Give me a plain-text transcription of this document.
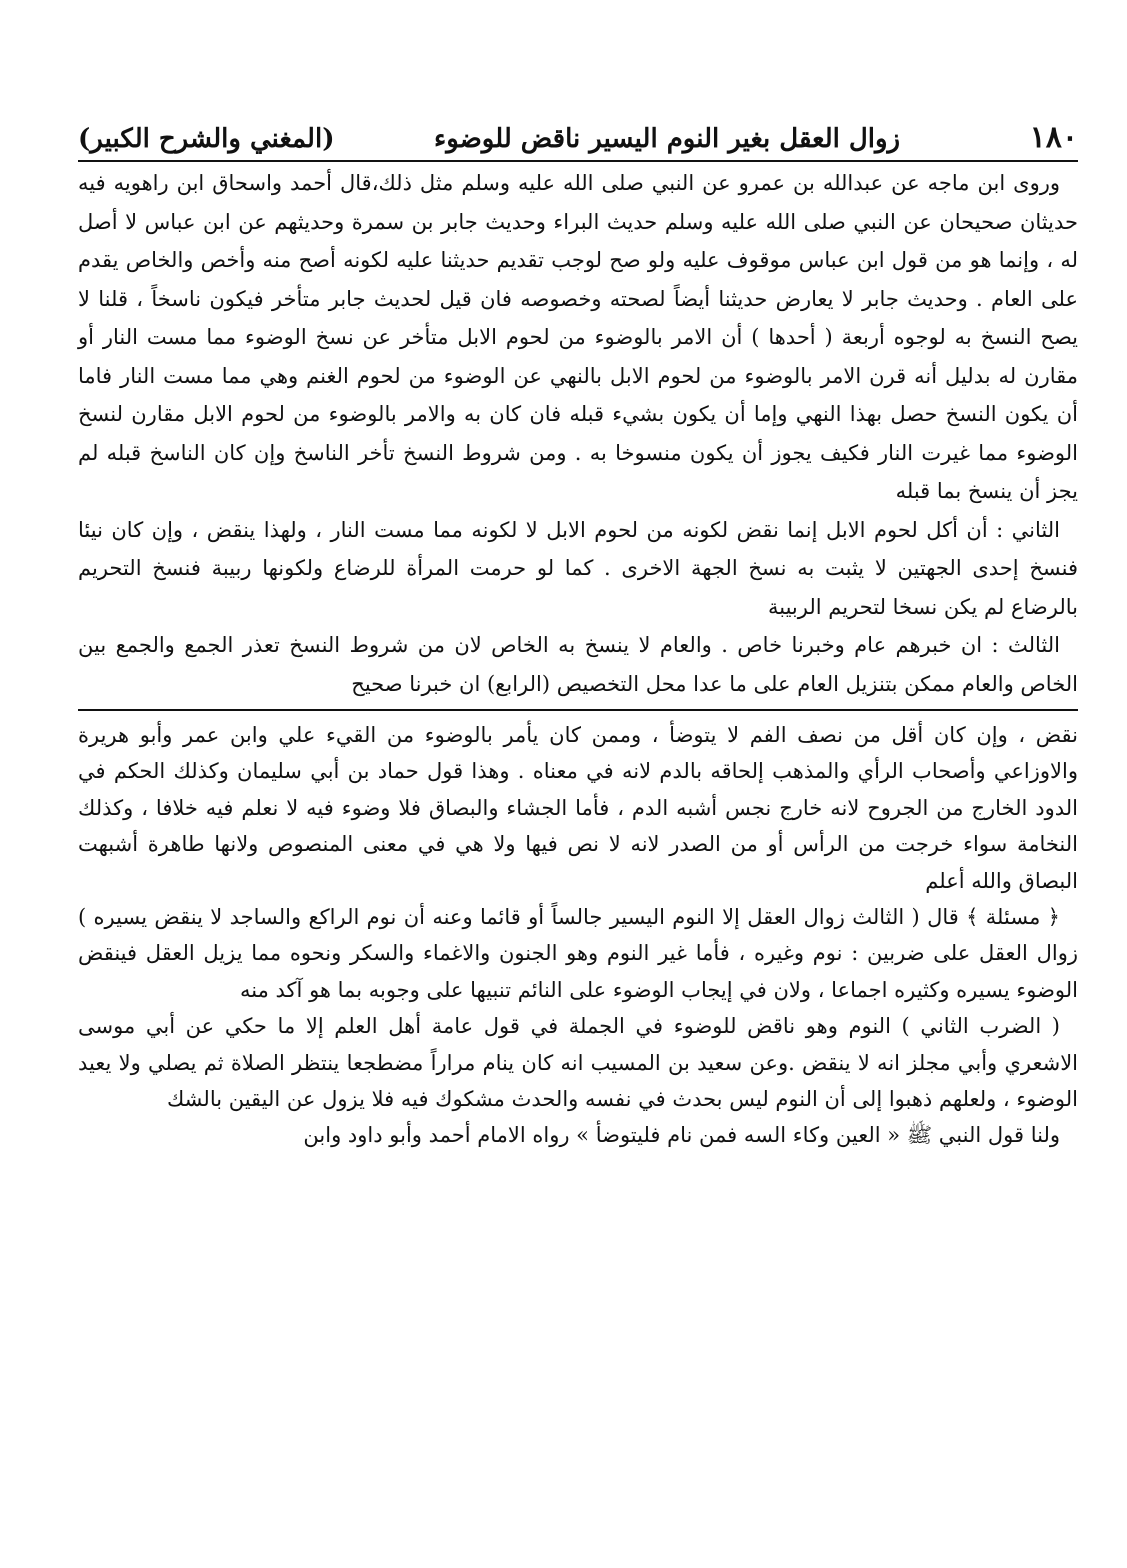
١٨٠
زوال العقل بغير النوم اليسير ناقض للوضوء
(المغني والشرح الكبير)

وروى ابن ماجه عن عبدالله بن عمرو عن النبي صلى الله عليه وسلم مثل ذلك،قال أحمد واسحاق ابن راهويه فيه حديثان صحيحان عن النبي صلى الله عليه وسلم حديث البراء وحديث جابر بن سمرة وحديثهم عن ابن عباس لا أصل له ، وإنما هو من قول ابن عباس موقوف عليه ولو صح لوجب تقديم حديثنا عليه لكونه أصح منه وأخص والخاص يقدم على العام . وحديث جابر لا يعارض حديثنا أيضاً لصحته وخصوصه فان قيل لحديث جابر متأخر فيكون ناسخاً ، قلنا لا يصح النسخ به لوجوه أربعة ( أحدها ) أن الامر بالوضوء من لحوم الابل متأخر عن نسخ الوضوء مما مست النار أو مقارن له بدليل أنه قرن الامر بالوضوء من لحوم الابل بالنهي عن الوضوء من لحوم الغنم وهي مما مست النار فاما أن يكون النسخ حصل بهذا النهي وإما أن يكون بشيء قبله فان كان به والامر بالوضوء من لحوم الابل مقارن لنسخ الوضوء مما غيرت النار فكيف يجوز أن يكون منسوخا به . ومن شروط النسخ تأخر الناسخ وإن كان الناسخ قبله لم يجز أن ينسخ بما قبله

الثاني : أن أكل لحوم الابل إنما نقض لكونه من لحوم الابل لا لكونه مما مست النار ، ولهذا ينقض ، وإن كان نيئا فنسخ إحدى الجهتين لا يثبت به نسخ الجهة الاخرى . كما لو حرمت المرأة للرضاع ولكونها ربيبة فنسخ التحريم بالرضاع لم يكن نسخا لتحريم الربيبة

الثالث : ان خبرهم عام وخبرنا خاص . والعام لا ينسخ به الخاص لان من شروط النسخ تعذر الجمع والجمع بين الخاص والعام ممكن بتنزيل العام على ما عدا محل التخصيص (الرابع) ان خبرنا صحيح

نقض ، وإن كان أقل من نصف الفم لا يتوضأ ، وممن كان يأمر بالوضوء من القيء علي وابن عمر وأبو هريرة والاوزاعي وأصحاب الرأي والمذهب إلحاقه بالدم لانه في معناه . وهذا قول حماد بن أبي سليمان وكذلك الحكم في الدود الخارج من الجروح لانه خارج نجس أشبه الدم ، فأما الجشاء والبصاق فلا وضوء فيه لا نعلم فيه خلافا ، وكذلك النخامة سواء خرجت من الرأس أو من الصدر لانه لا نص فيها ولا هي في معنى المنصوص ولانها طاهرة أشبهت البصاق والله أعلم

﴿ مسئلة ﴾ قال ( الثالث زوال العقل إلا النوم اليسير جالساً أو قائما وعنه أن نوم الراكع والساجد لا ينقض يسيره ) زوال العقل على ضربين : نوم وغيره ، فأما غير النوم وهو الجنون والاغماء والسكر ونحوه مما يزيل العقل فينقض الوضوء يسيره وكثيره اجماعا ، ولان في إيجاب الوضوء على النائم تنبيها على وجوبه بما هو آكد منه

( الضرب الثاني ) النوم وهو ناقض للوضوء في الجملة في قول عامة أهل العلم إلا ما حكي عن أبي موسى الاشعري وأبي مجلز انه لا ينقض .وعن سعيد بن المسيب انه كان ينام مراراً مضطجعا ينتظر الصلاة ثم يصلي ولا يعيد الوضوء ، ولعلهم ذهبوا إلى أن النوم ليس بحدث في نفسه والحدث مشكوك فيه فلا يزول عن اليقين بالشك

ولنا قول النبي ﷺ « العين وكاء السه فمن نام فليتوضأ » رواه الامام أحمد وأبو داود وابن
